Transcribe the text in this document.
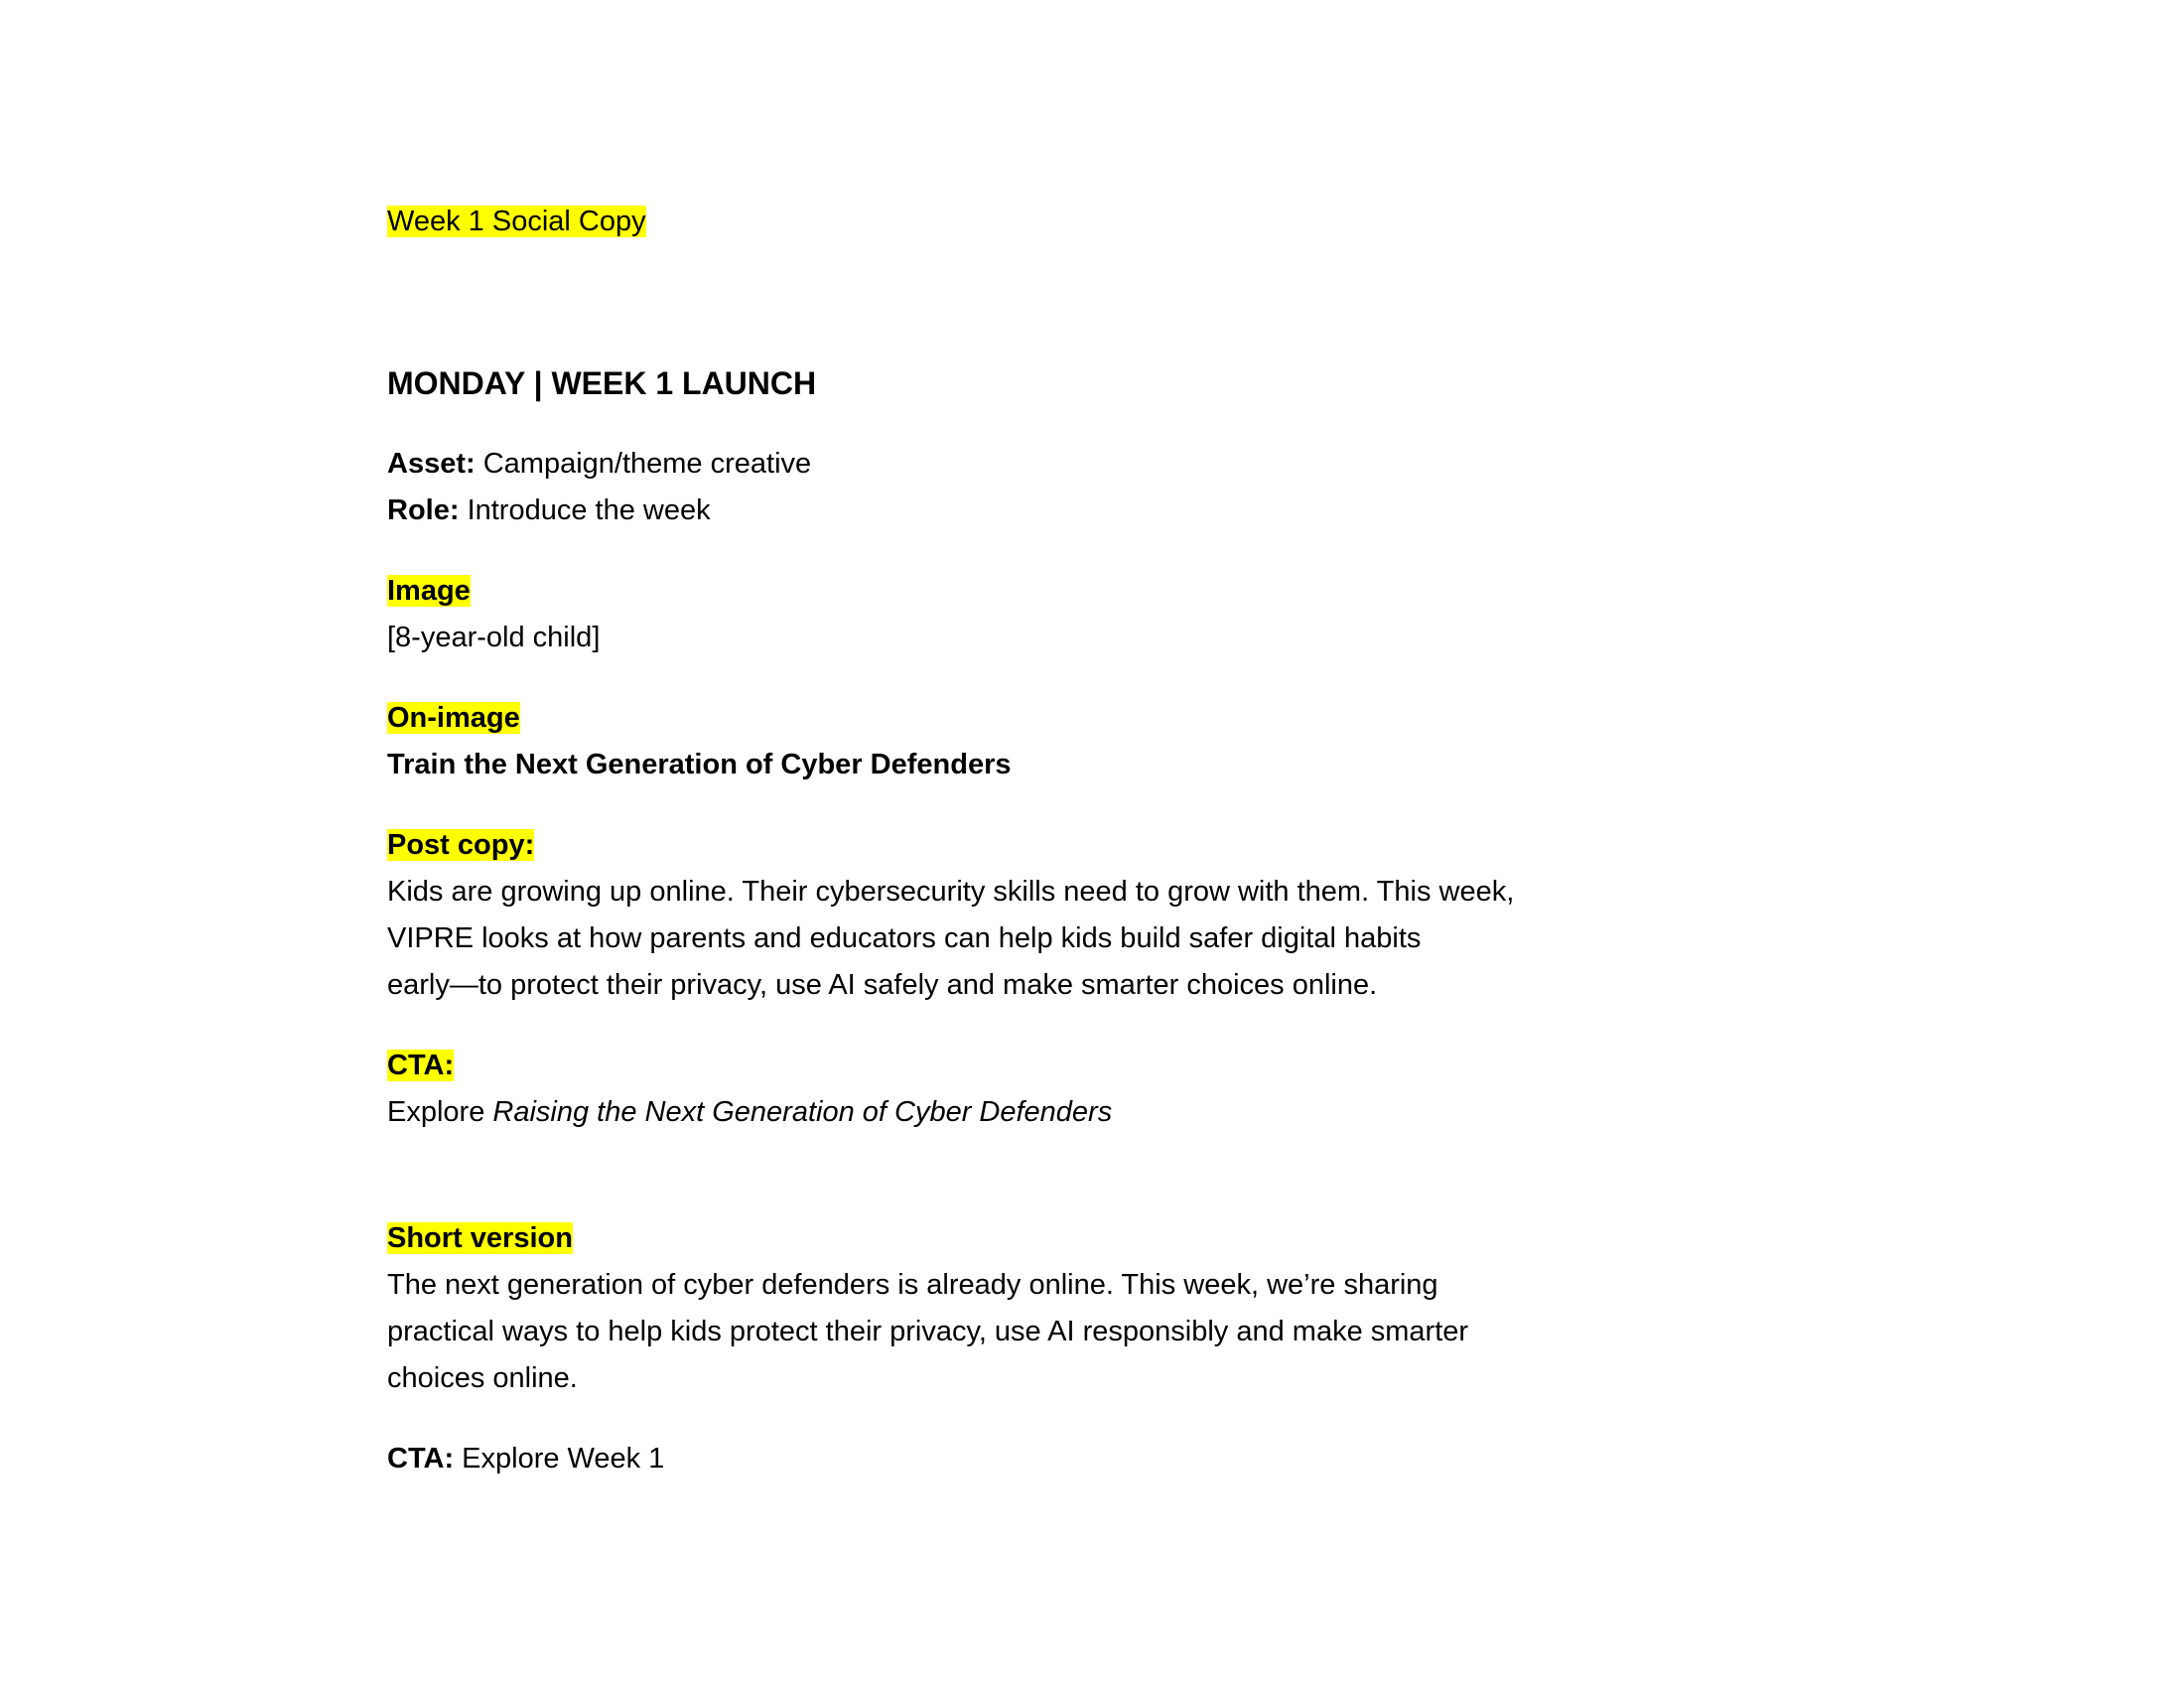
Week 1 Social Copy
MONDAY | WEEK 1 LAUNCH
Asset: Campaign/theme creative
Role: Introduce the week
Image
[8-year-old child]
On-image
Train the Next Generation of Cyber Defenders
Post copy:
Kids are growing up online. Their cybersecurity skills need to grow with them. This week,
VIPRE looks at how parents and educators can help kids build safer digital habits
early—to protect their privacy, use AI safely and make smarter choices online.
CTA:
Explore Raising the Next Generation of Cyber Defenders
Short version
The next generation of cyber defenders is already online. This week, we’re sharing
practical ways to help kids protect their privacy, use AI responsibly and make smarter
choices online.
CTA: Explore Week 1
